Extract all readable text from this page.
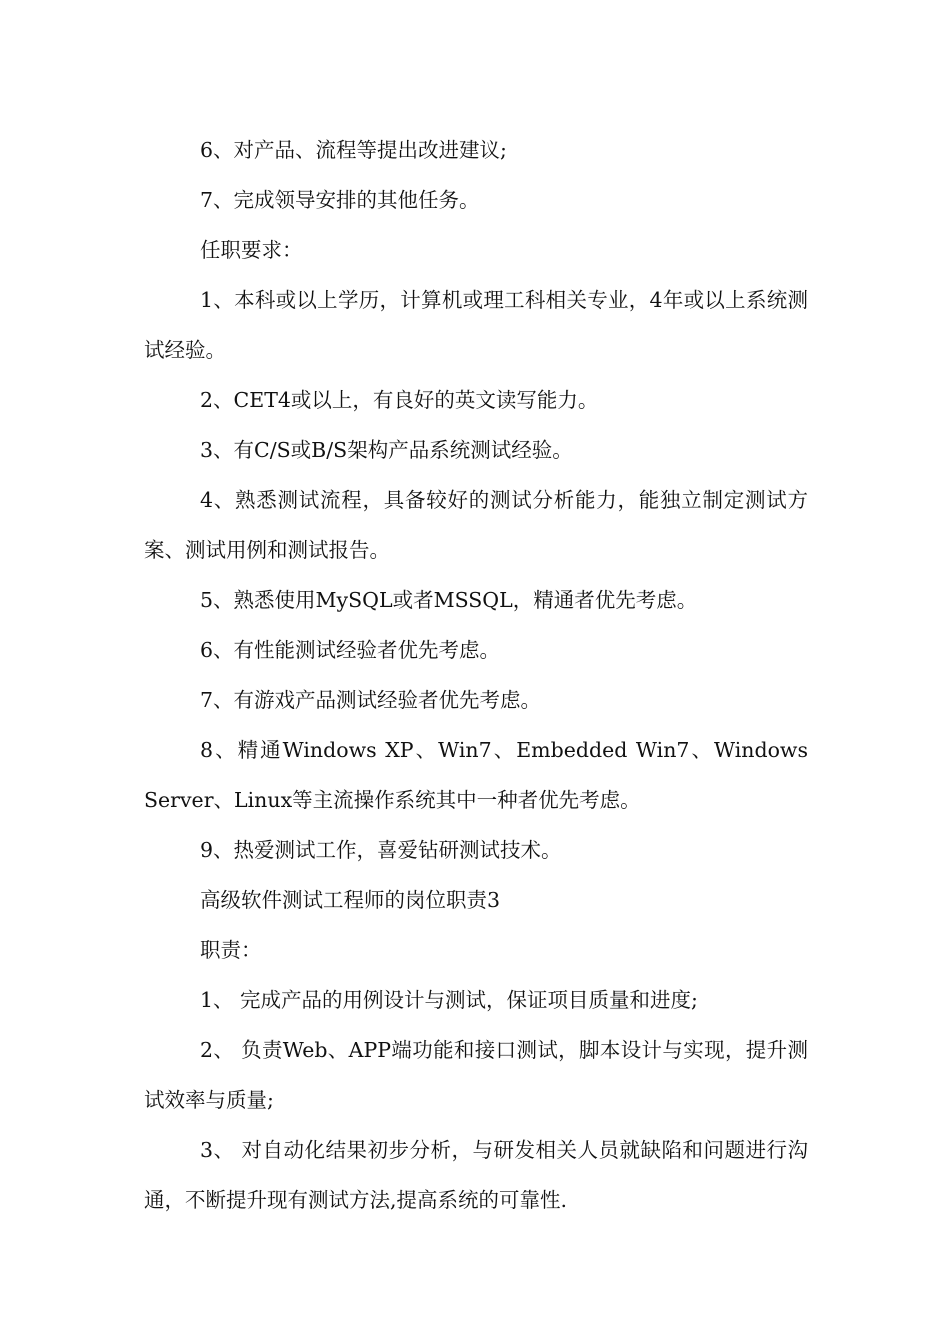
6、对产品、流程等提出改进建议;
7、完成领导安排的其他任务。
任职要求：
1、本科或以上学历，计算机或理工科相关专业，4年或以上系统测试经验。
2、CET4或以上，有良好的英文读写能力。
3、有C/S或B/S架构产品系统测试经验。
4、熟悉测试流程，具备较好的测试分析能力，能独立制定测试方案、测试用例和测试报告。
5、熟悉使用MySQL或者MSSQL，精通者优先考虑。
6、有性能测试经验者优先考虑。
7、有游戏产品测试经验者优先考虑。
8、精通Windows XP、Win7、Embedded Win7、Windows Server、Linux等主流操作系统其中一种者优先考虑。
9、热爱测试工作，喜爱钻研测试技术。
高级软件测试工程师的岗位职责3
职责：
1、 完成产品的用例设计与测试，保证项目质量和进度;
2、 负责Web、APP端功能和接口测试，脚本设计与实现，提升测试效率与质量;
3、 对自动化结果初步分析，与研发相关人员就缺陷和问题进行沟通，不断提升现有测试方法,提高系统的可靠性.
